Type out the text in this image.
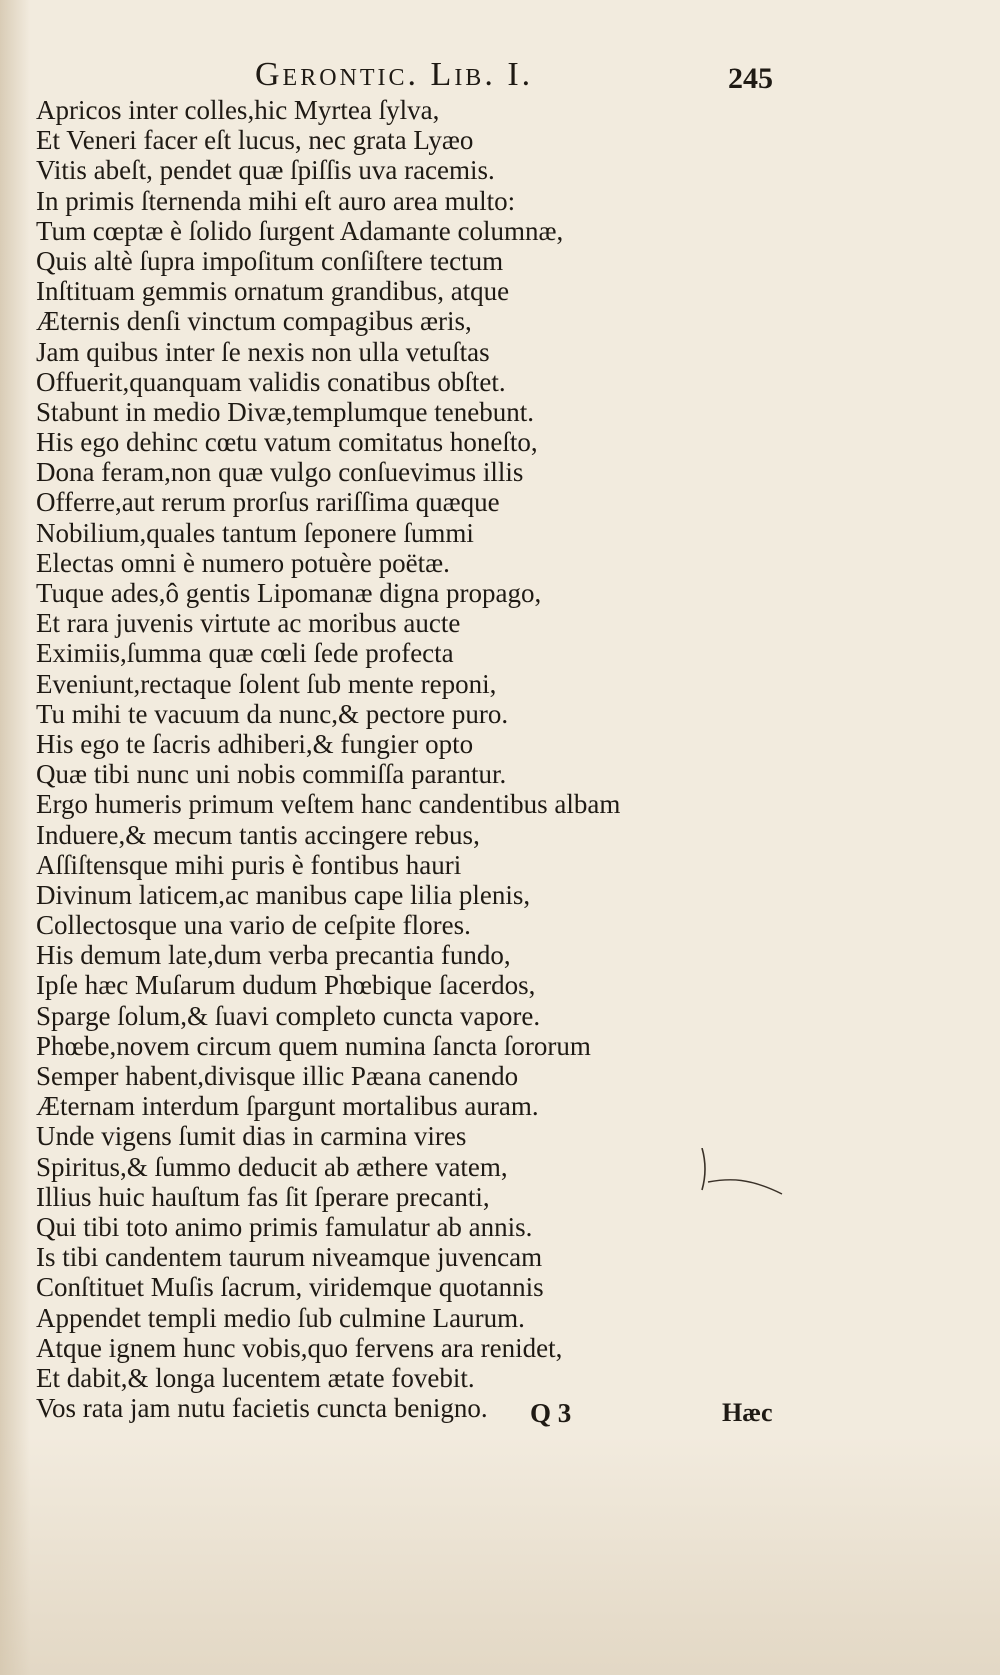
Gerontic. Lib. I.	245
Apricos inter colles,hic Myrtea ſylva,
Et Veneri facer eſt lucus, nec grata Lyæo
Vitis abeſt, pendet quæ ſpiſſis uva racemis.
In primis ſternenda mihi eſt auro area multo:
Tum cœptæ è ſolido ſurgent Adamante columnæ,
Quis altè ſupra impoſitum conſiſtere tectum
Inſtituam gemmis ornatum grandibus, atque
Æternis denſi vinctum compagibus æris,
Jam quibus inter ſe nexis non ulla vetuſtas
Offuerit,quanquam validis conatibus obſtet.
Stabunt in medio Divæ,templumque tenebunt.
His ego dehinc cœtu vatum comitatus honeſto,
Dona feram,non quæ vulgo conſuevimus illis
Offerre,aut rerum prorſus rariſſima quæque
Nobilium,quales tantum ſeponere ſummi
Electas omni è numero potuère poëtæ.
Tuque ades,ô gentis Lipomanæ digna propago,
Et rara juvenis virtute ac moribus aucte
Eximiis,ſumma quæ cœli ſede profecta
Eveniunt,rectaque ſolent ſub mente reponi,
Tu mihi te vacuum da nunc,& pectore puro.
His ego te ſacris adhiberi,& fungier opto
Quæ tibi nunc uni nobis commiſſa parantur.
Ergo humeris primum veſtem hanc candentibus albam
Induere,& mecum tantis accingere rebus,
Aſſiſtensque mihi puris è fontibus hauri
Divinum laticem,ac manibus cape lilia plenis,
Collectosque una vario de ceſpite flores.
His demum late,dum verba precantia fundo,
Ipſe hæc Muſarum dudum Phœbique ſacerdos,
Sparge ſolum,& ſuavi completo cuncta vapore.
Phœbe,novem circum quem numina ſancta ſororum
Semper habent,divisque illic Pæana canendo
Æternam interdum ſpargunt mortalibus auram.
Unde vigens ſumit dias in carmina vires
Spiritus,& ſummo deducit ab æthere vatem,
Illius huic hauſtum fas ſit ſperare precanti,
Qui tibi toto animo primis famulatur ab annis.
Is tibi candentem taurum niveamque juvencam
Conſtituet Muſis ſacrum, viridemque quotannis
Appendet templi medio ſub culmine Laurum.
Atque ignem hunc vobis,quo fervens ara renidet,
Et dabit,& longa lucentem ætate fovebit.
Vos rata jam nutu facietis cuncta benigno.	Q 3	Hæc
